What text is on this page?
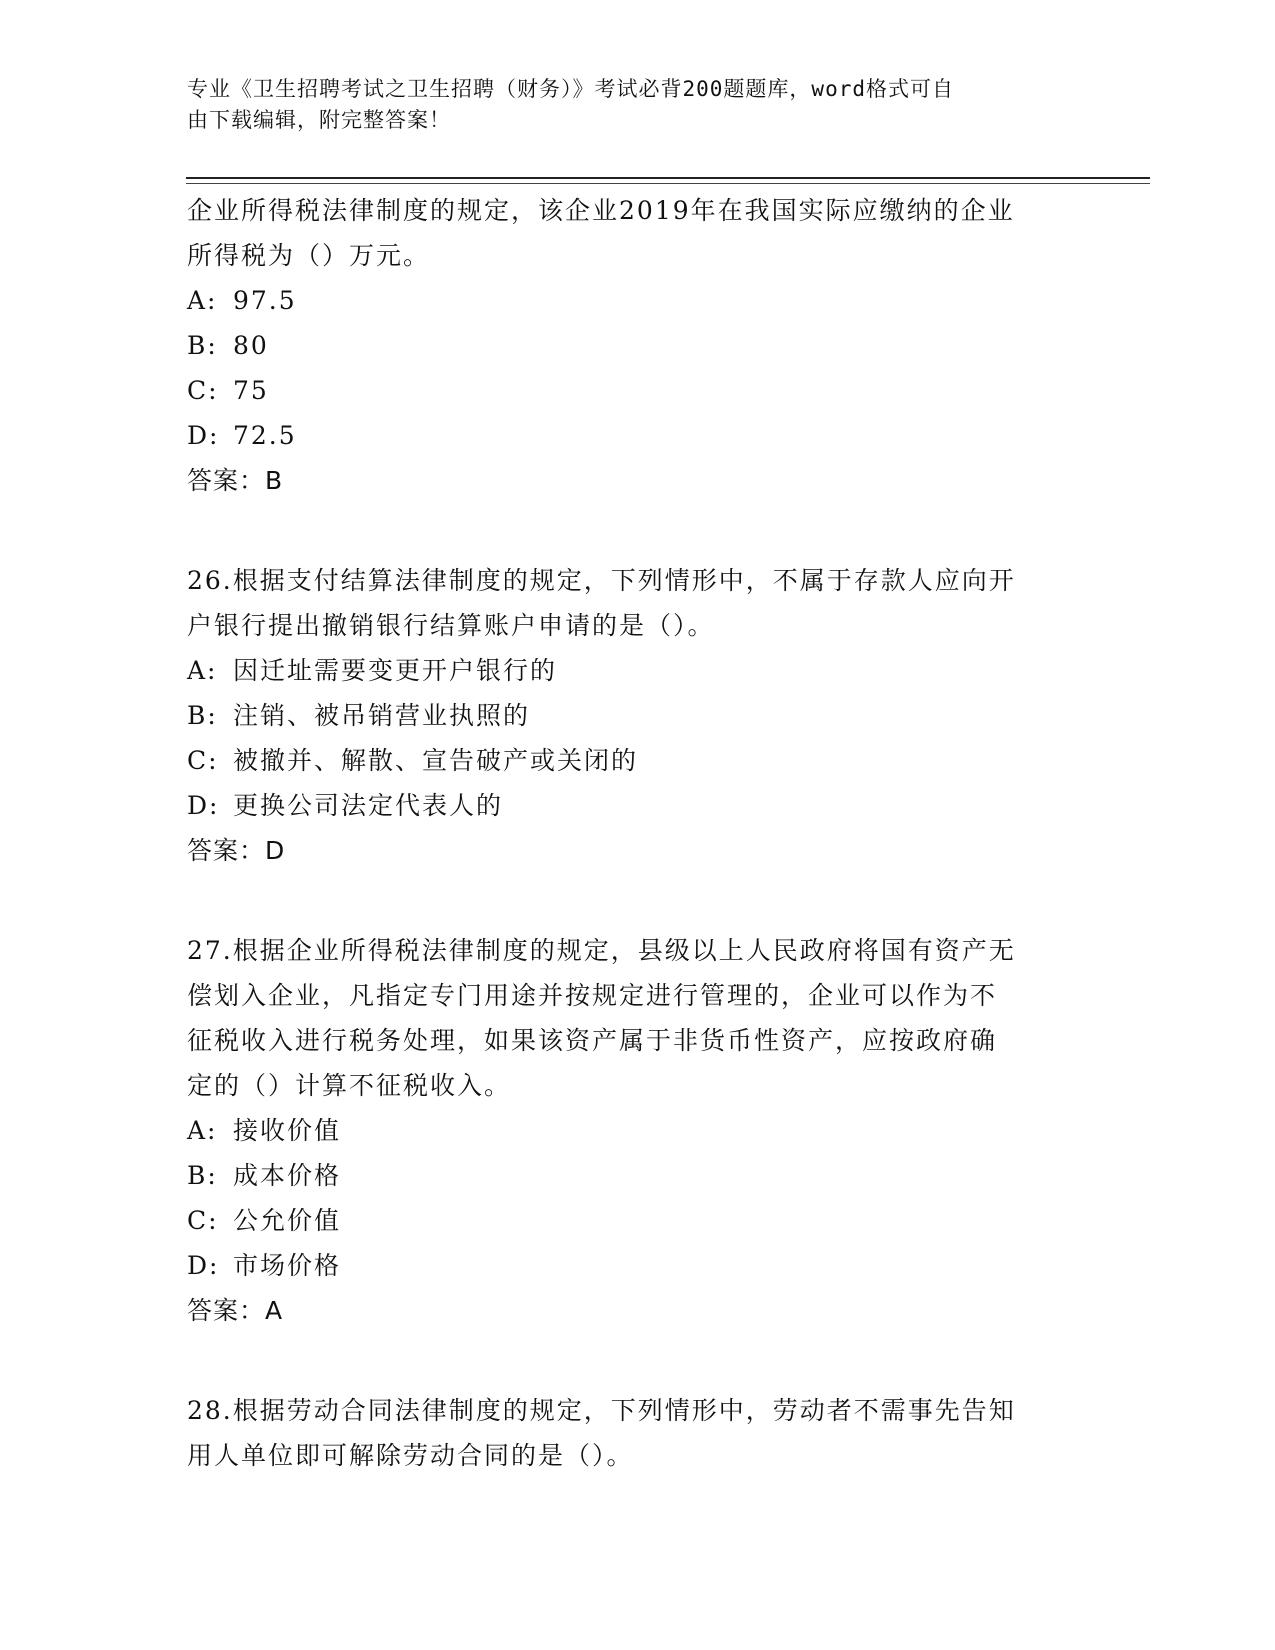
专业《卫生招聘考试之卫生招聘（财务）》考试必背200题题库，word格式可自
由下载编辑，附完整答案！

企业所得税法律制度的规定，该企业2019年在我国实际应缴纳的企业

所得税为（）万元。

A: 97.5

B: 80

C: 75

D: 72.5

答案：B

26.根据支付结算法律制度的规定，下列情形中，不属于存款人应向开

户银行提出撤销银行结算账户申请的是（）。

A: 因迁址需要变更开户银行的

B: 注销、被吊销营业执照的

C: 被撤并、解散、宣告破产或关闭的

D: 更换公司法定代表人的

答案：D

27.根据企业所得税法律制度的规定，县级以上人民政府将国有资产无

偿划入企业，凡指定专门用途并按规定进行管理的，企业可以作为不

征税收入进行税务处理，如果该资产属于非货币性资产，应按政府确

定的（）计算不征税收入。

A: 接收价值

B: 成本价格

C: 公允价值

D: 市场价格

答案：A

28.根据劳动合同法律制度的规定，下列情形中，劳动者不需事先告知

用人单位即可解除劳动合同的是（）。
